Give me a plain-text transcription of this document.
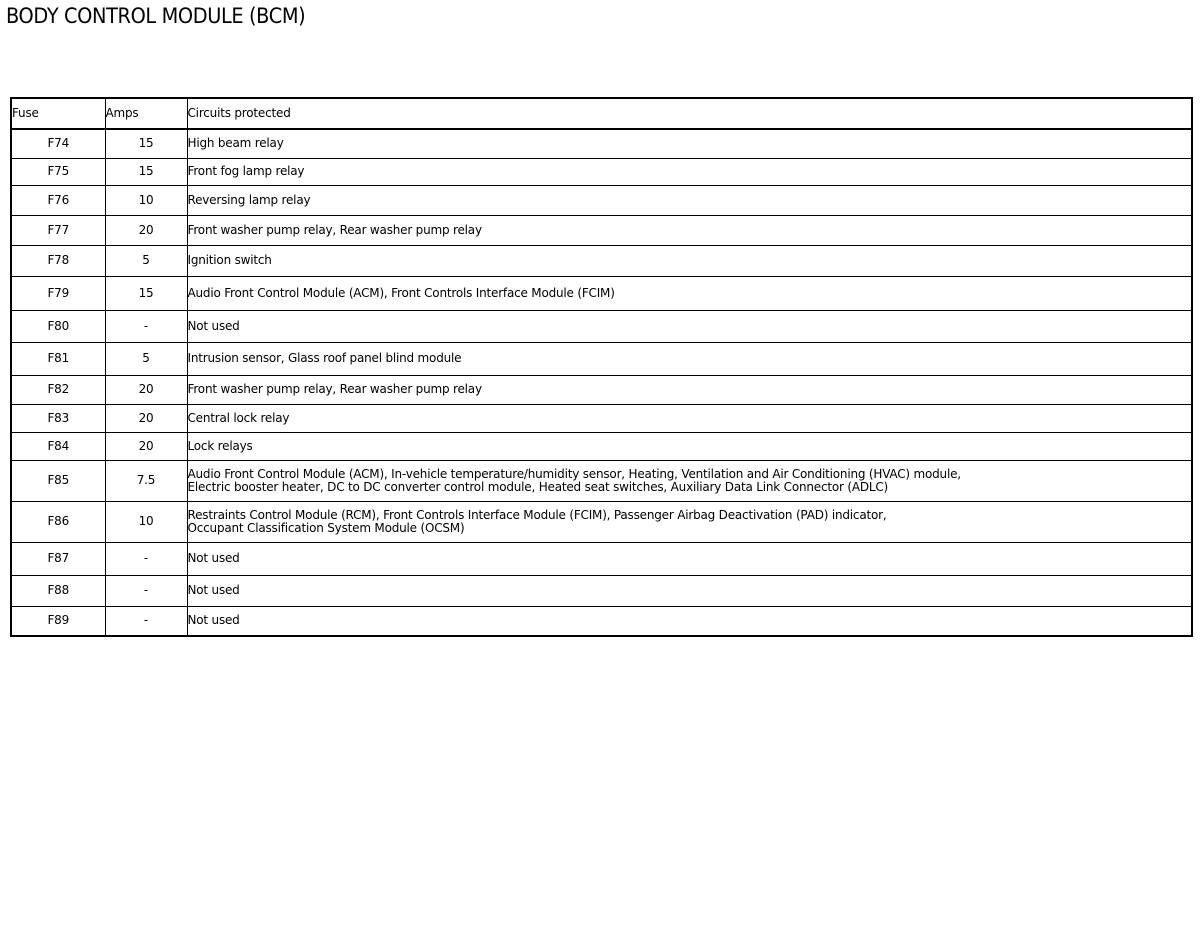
BODY CONTROL MODULE (BCM)
Fuse	Amps	Circuits protected
F74	15	High beam relay

F75	15	Front fog lamp relay

F76	10	Reversing lamp relay

F77	20	Front washer pump relay, Rear washer pump relay

F78	5	Ignition switch

F79	15	Audio Front Control Module (ACM), Front Controls Interface Module (FCIM)

F80	-	Not used

F81	5	Intrusion sensor, Glass roof panel blind module

F82	20	Front washer pump relay, Rear washer pump relay

F83	20	Central lock relay

F84	20	Lock relays

F85	7.5	Audio Front Control Module (ACM), In-vehicle temperature/humidity sensor, Heating, Ventilation and Air Conditioning (HVAC) module,
Electric booster heater, DC to DC converter control module, Heated seat switches, Auxiliary Data Link Connector (ADLC)

F86	10	Restraints Control Module (RCM), Front Controls Interface Module (FCIM), Passenger Airbag Deactivation (PAD) indicator,
Occupant Classification System Module (OCSM)

F87	-	Not used

F88	-	Not used

F89	-	Not used
